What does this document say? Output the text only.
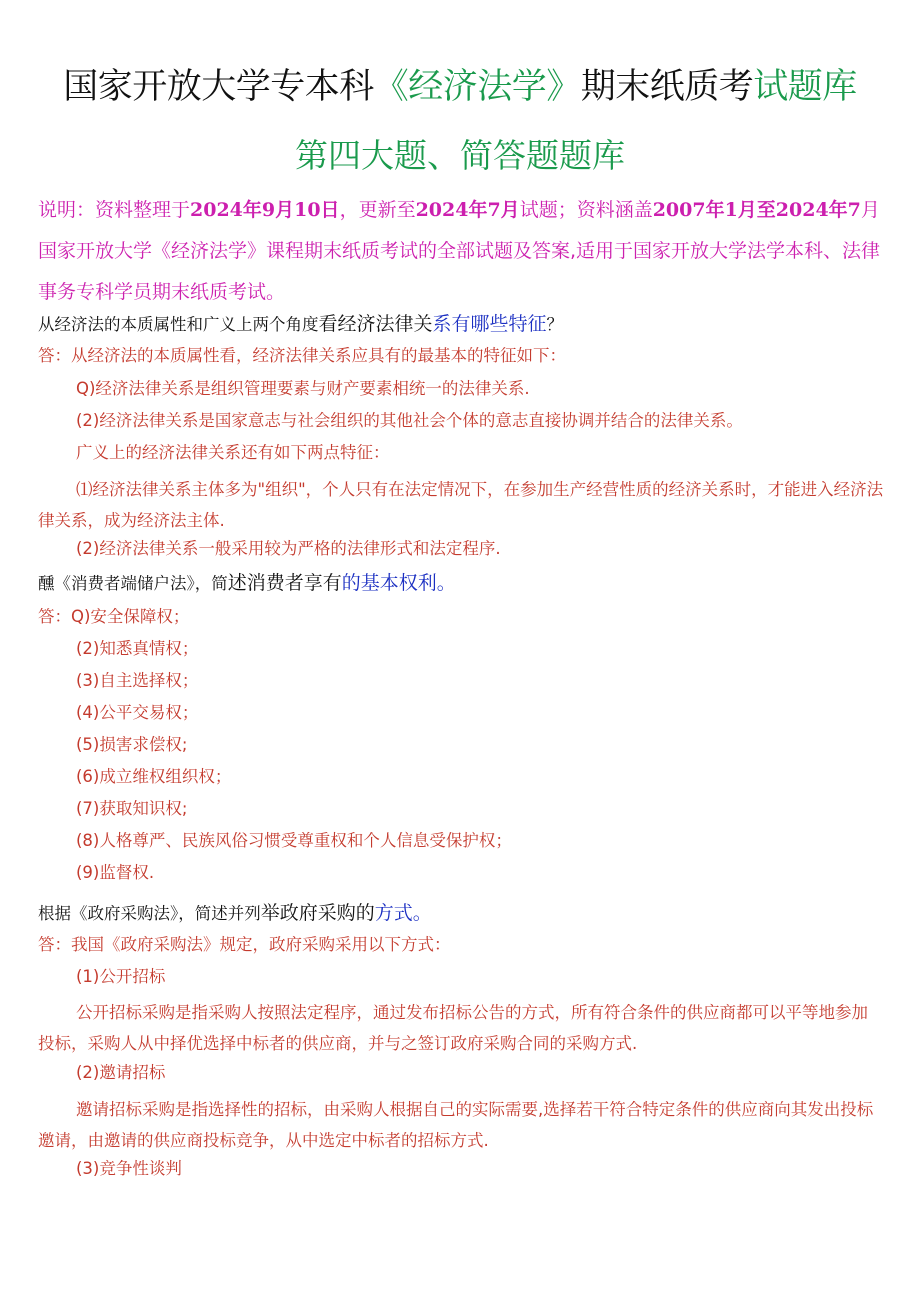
国家开放大学专本科《经济法学》期末纸质考试题库
第四大题、简答题题库
说明：资料整理于2024年9月10日，更新至2024年7月试题；资料涵盖2007年1月至2024年7月国家开放大学《经济法学》课程期末纸质考试的全部试题及答案,适用于国家开放大学法学本科、法律事务专科学员期末纸质考试。
从经济法的本质属性和广义上两个角度看经济法律关系有哪些特征？
答：从经济法的本质属性看，经济法律关系应具有的最基本的特征如下：
Q)经济法律关系是组织管理要素与财产要素相统一的法律关系.
(2)经济法律关系是国家意志与社会组织的其他社会个体的意志直接协调并结合的法律关系。
广义上的经济法律关系还有如下两点特征：
⑴经济法律关系主体多为"组织"，个人只有在法定情况下，在参加生产经营性质的经济关系时，才能进入经济法律关系，成为经济法主体.
(2)经济法律关系一般采用较为严格的法律形式和法定程序.
醺《消费者端储户法》，简述消费者享有的基本权利。
答：Q)安全保障权；
(2)知悉真情权；
(3)自主选择权；
(4)公平交易权；
(5)损害求偿权;
(6)成立维权组织权；
(7)获取知识权;
(8)人格尊严、民族风俗习惯受尊重权和个人信息受保护权；
(9)监督权.
根据《政府采购法》，简述并列举政府采购的方式。
答：我国《政府采购法》规定，政府采购采用以下方式：
(1)公开招标
公开招标采购是指采购人按照法定程序，通过发布招标公告的方式，所有符合条件的供应商都可以平等地参加投标，采购人从中择优选择中标者的供应商，并与之签订政府采购合同的采购方式.
(2)邀请招标
邀请招标采购是指选择性的招标，由采购人根据自己的实际需要,选择若干符合特定条件的供应商向其发出投标邀请，由邀请的供应商投标竞争，从中选定中标者的招标方式.
(3)竞争性谈判
